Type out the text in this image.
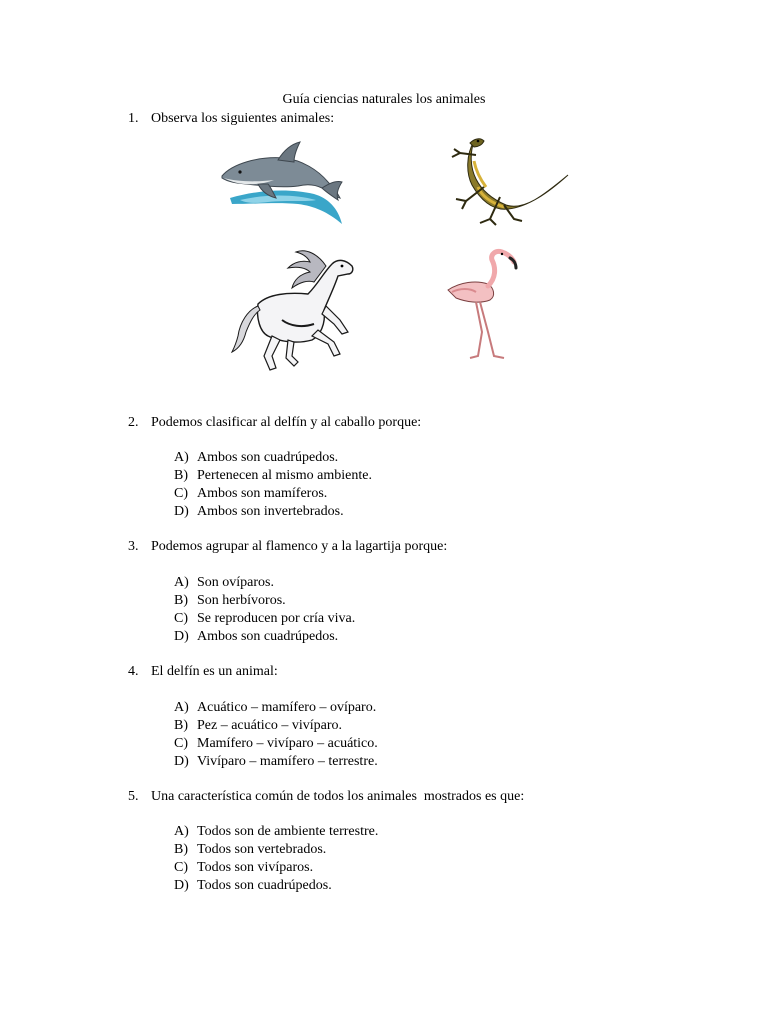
Guía ciencias naturales los animales
1. Observa los siguientes animales:
2. Podemos clasificar al delfín y al caballo porque:
A) Ambos son cuadrúpedos.
B) Pertenecen al mismo ambiente.
C) Ambos son mamíferos.
D) Ambos son invertebrados.
3. Podemos agrupar al flamenco y a la lagartija porque:
A) Son ovíparos.
B) Son herbívoros.
C) Se reproducen por cría viva.
D) Ambos son cuadrúpedos.
4. El delfín es un animal:
A) Acuático – mamífero – ovíparo.
B) Pez – acuático – vivíparo.
C) Mamífero – vivíparo – acuático.
D) Vivíparo – mamífero – terrestre.
5. Una característica común de todos los animales  mostrados es que:
A) Todos son de ambiente terrestre.
B) Todos son vertebrados.
C) Todos son vivíparos.
D) Todos son cuadrúpedos.
